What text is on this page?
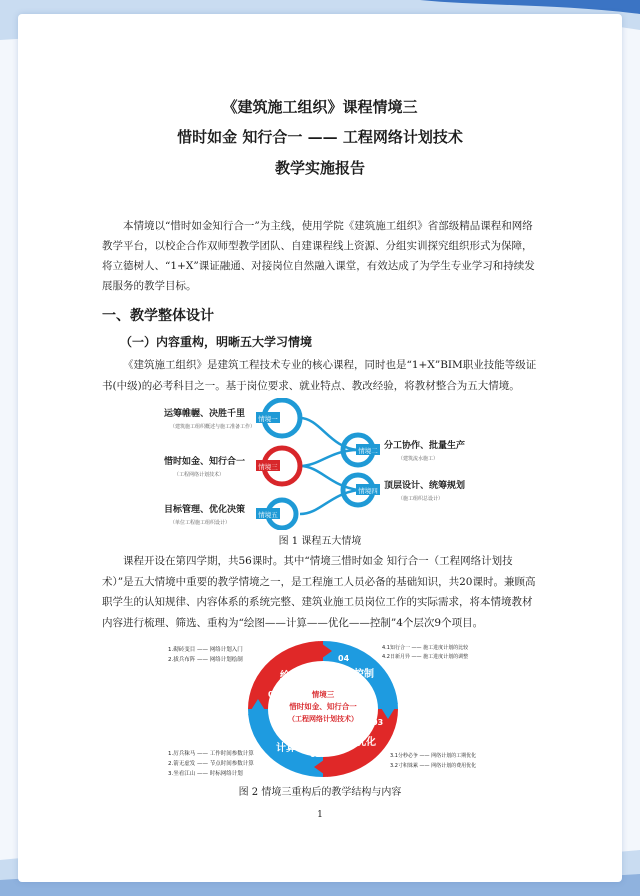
《建筑施工组织》课程情境三
惜时如金 知行合一 —— 工程网络计划技术
教学实施报告
本情境以“惜时如金知行合一”为主线，使用学院《建筑施工组织》省部级精品课程和网络教学平台，以校企合作双师型教学团队、自建课程线上资源、分组实训探究组织形式为保障，将立德树人、“1+X”课证融通、对接岗位自然融入课堂，有效达成了为学生专业学习和持续发展服务的教学目标。
一、教学整体设计
（一）内容重构，明晰五大学习情境
《建筑施工组织》是建筑工程技术专业的核心课程，同时也是“1+X”BIM职业技能等级证书(中级)的必考科目之一。基于岗位要求、就业特点、教改经验，将教材整合为五大情境。
情境一
情境三
情境五
情境二
情境四
运筹帷幄、决胜千里
（建筑施工组织概述与施工准备工作）
惜时如金、知行合一
（工程网络计划技术）
目标管理、优化决策
（单位工程施工组织设计）
分工协作、批量生产
（建筑流水施工）
顶层设计、统筹规划
（施工组织总设计）
图 1 课程五大情境
课程开设在第四学期，共56课时。其中“情境三惜时如金 知行合一（工程网络计划技术）”是五大情境中重要的教学情境之一，是工程施工人员必备的基础知识，共20课时。兼顾高职学生的认知规律、内容体系的系统完整、建筑业施工员岗位工作的实际需求，将本情境教材内容进行梳理、筛选、重构为“绘图——计算——优化——控制”4个层次9个项目。
绘图
01
计算
02
优化
03
控制
04
情境三
惜时如金、知行合一
（工程网络计划技术）
1.砌砖变目 —— 网络计划入门
2.拔兵布阵 —— 网络计划绘制
4.1知行合一 —— 施工进度计划的比较
4.2日新月异 —— 施工进度计划的调整
1.厉兵秣马 —— 工作时间参数计算
2.箭无虚发 —— 节点时间参数计算
3.坐看江山 —— 时标网络计划
3.1分秒必争 —— 网络计划的工期优化
3.2寸积铢累 —— 网络计划的费用优化
图 2 情境三重构后的教学结构与内容
1
